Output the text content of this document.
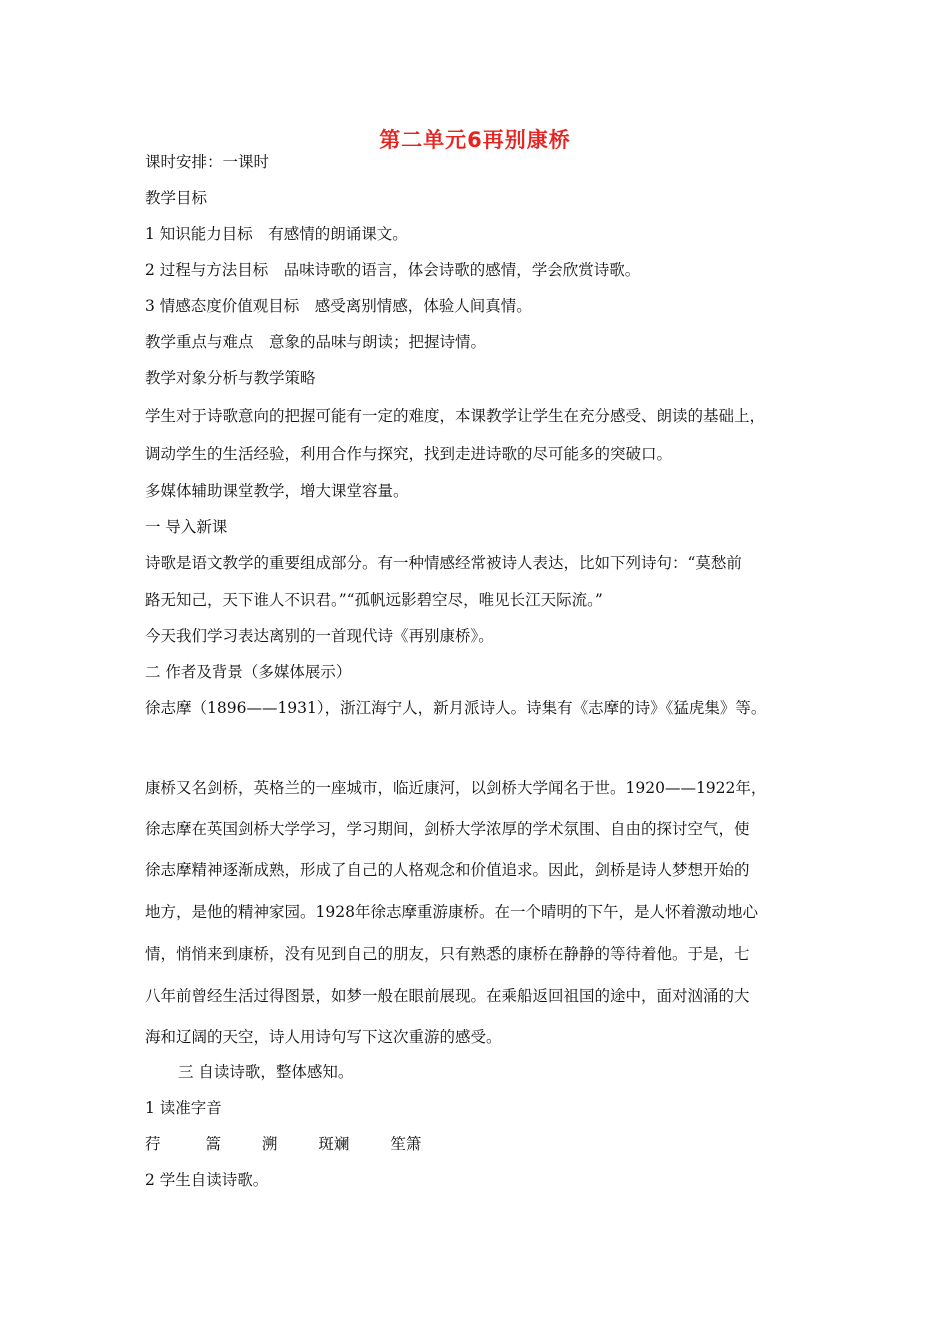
第二单元6再别康桥
课时安排：一课时
教学目标
1 知识能力目标　有感情的朗诵课文。
2 过程与方法目标　品味诗歌的语言，体会诗歌的感情，学会欣赏诗歌。
3 情感态度价值观目标　感受离别情感，体验人间真情。
教学重点与难点　意象的品味与朗读；把握诗情。
教学对象分析与教学策略
学生对于诗歌意向的把握可能有一定的难度，本课教学让学生在充分感受、朗读的基础上，
调动学生的生活经验，利用合作与探究，找到走进诗歌的尽可能多的突破口。
多媒体辅助课堂教学，增大课堂容量。
一 导入新课
诗歌是语文教学的重要组成部分。有一种情感经常被诗人表达，比如下列诗句：“莫愁前
路无知己，天下谁人不识君。”“孤帆远影碧空尽，唯见长江天际流。”
今天我们学习表达离别的一首现代诗《再别康桥》。
二 作者及背景（多媒体展示）
徐志摩（1896——1931），浙江海宁人，新月派诗人。诗集有《志摩的诗》《猛虎集》等。
康桥又名剑桥，英格兰的一座城市，临近康河，以剑桥大学闻名于世。1920——1922年，
徐志摩在英国剑桥大学学习，学习期间，剑桥大学浓厚的学术氛围、自由的探讨空气，使
徐志摩精神逐渐成熟，形成了自己的人格观念和价值追求。因此，剑桥是诗人梦想开始的
地方，是他的精神家园。1928年徐志摩重游康桥。在一个晴明的下午，是人怀着激动地心
情，悄悄来到康桥，没有见到自己的朋友，只有熟悉的康桥在静静的等待着他。于是，七
八年前曾经生活过得图景，如梦一般在眼前展现。在乘船返回祖国的途中，面对汹涌的大
海和辽阔的天空，诗人用诗句写下这次重游的感受。
三 自读诗歌，整体感知。
1 读准字音
荇	篙	溯	斑斓	笙箫
2 学生自读诗歌。
